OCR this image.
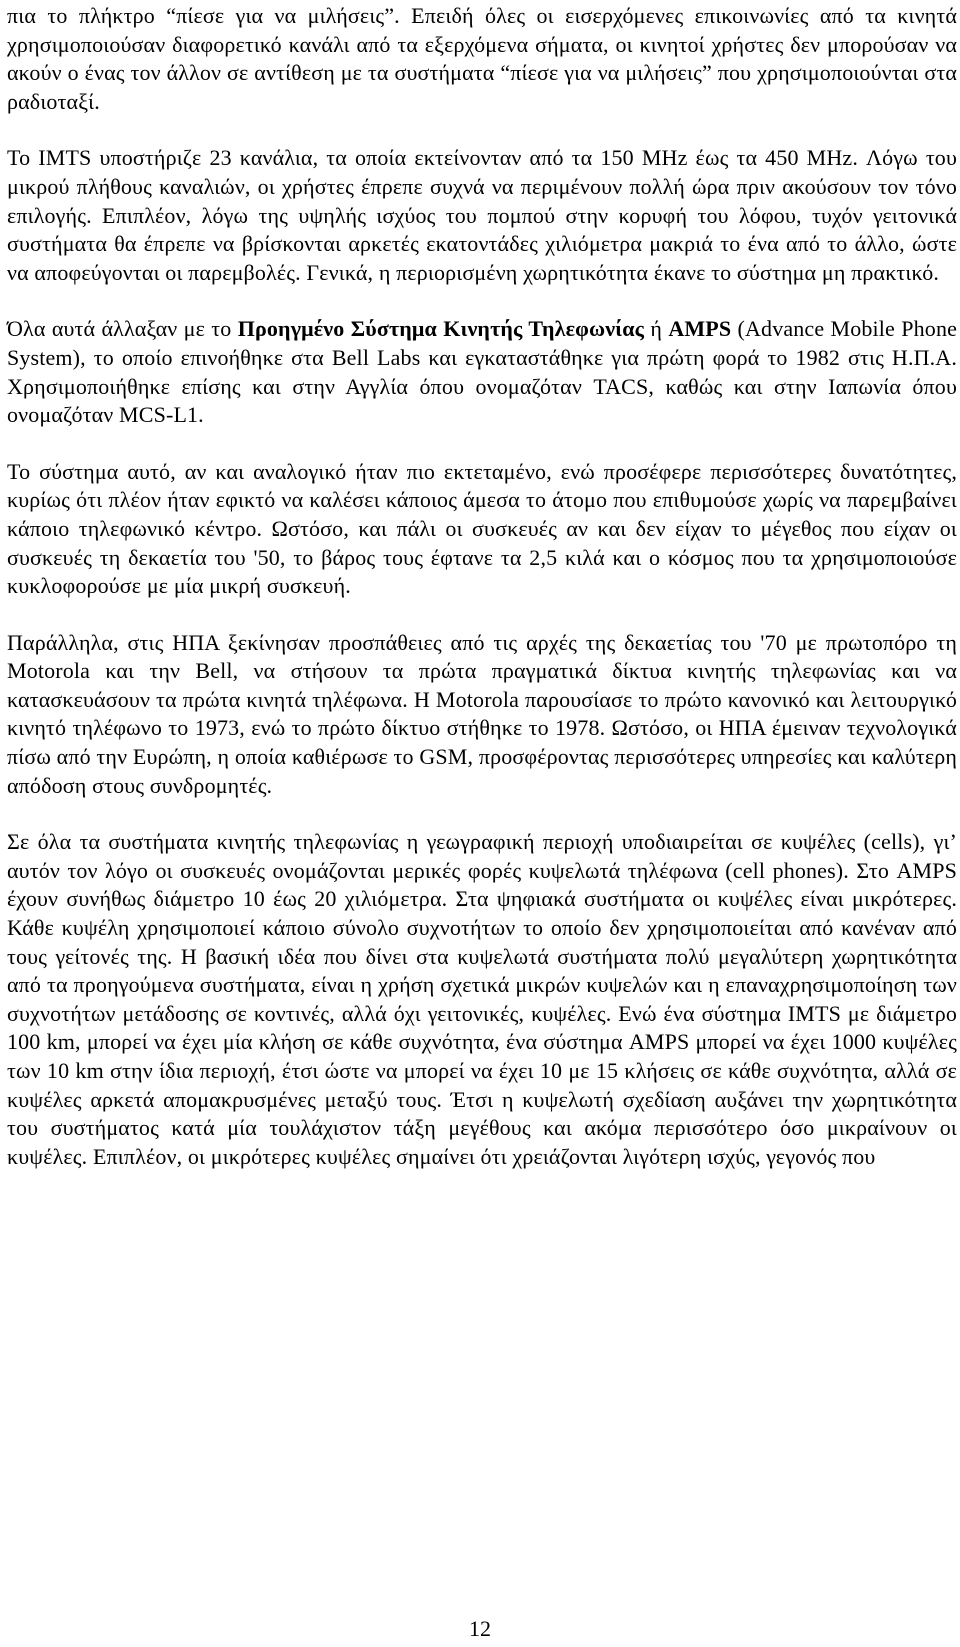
πια το πλήκτρο “πίεσε για να μιλήσεις”. Επειδή όλες οι εισερχόμενες επικοινωνίες από τα κινητά χρησιμοποιούσαν διαφορετικό κανάλι από τα εξερχόμενα σήματα, οι κινητοί χρήστες δεν μπορούσαν να ακούν ο ένας τον άλλον σε αντίθεση με τα συστήματα “πίεσε για να μιλήσεις” που χρησιμοποιούνται στα ραδιοταξί.

Το IMTS υποστήριζε 23 κανάλια, τα οποία εκτείνονταν από τα 150 MHz έως τα 450 MHz. Λόγω του μικρού πλήθους καναλιών, οι χρήστες έπρεπε συχνά να περιμένουν πολλή ώρα πριν ακούσουν τον τόνο επιλογής. Επιπλέον, λόγω της υψηλής ισχύος του πομπού στην κορυφή του λόφου, τυχόν γειτονικά συστήματα θα έπρεπε να βρίσκονται αρκετές εκατοντάδες χιλιόμετρα μακριά το ένα από το άλλο, ώστε να αποφεύγονται οι παρεμβολές. Γενικά, η περιορισμένη χωρητικότητα έκανε το σύστημα μη πρακτικό.

Όλα αυτά άλλαξαν με το Προηγμένο Σύστημα Κινητής Τηλεφωνίας ή AMPS (Advance Mobile Phone System), το οποίο επινοήθηκε στα Bell Labs και εγκαταστάθηκε για πρώτη φορά το 1982 στις Η.Π.Α. Χρησιμοποιήθηκε επίσης και στην Αγγλία όπου ονομαζόταν TACS, καθώς και στην Ιαπωνία όπου ονομαζόταν MCS-L1.

Το σύστημα αυτό, αν και αναλογικό ήταν πιο εκτεταμένο, ενώ προσέφερε περισσότερες δυνατότητες, κυρίως ότι πλέον ήταν εφικτό να καλέσει κάποιος άμεσα το άτομο που επιθυμούσε χωρίς να παρεμβαίνει κάποιο τηλεφωνικό κέντρο. Ωστόσο, και πάλι οι συσκευές αν και δεν είχαν το μέγεθος που είχαν οι συσκευές τη δεκαετία του '50, το βάρος τους έφτανε τα 2,5 κιλά και ο κόσμος που τα χρησιμοποιούσε κυκλοφορούσε με μία μικρή συσκευή.

Παράλληλα, στις ΗΠΑ ξεκίνησαν προσπάθειες από τις αρχές της δεκαετίας του '70 με πρωτοπόρο τη Motorola και την Bell, να στήσουν τα πρώτα πραγματικά δίκτυα κινητής τηλεφωνίας και να κατασκευάσουν τα πρώτα κινητά τηλέφωνα. Η Motorola παρουσίασε το πρώτο κανονικό και λειτουργικό κινητό τηλέφωνο το 1973, ενώ το πρώτο δίκτυο στήθηκε το 1978. Ωστόσο, οι ΗΠΑ έμειναν τεχνολογικά πίσω από την Ευρώπη, η οποία καθιέρωσε το GSM, προσφέροντας περισσότερες υπηρεσίες και καλύτερη απόδοση στους συνδρομητές.

Σε όλα τα συστήματα κινητής τηλεφωνίας η γεωγραφική περιοχή υποδιαιρείται σε κυψέλες (cells), γι’ αυτόν τον λόγο οι συσκευές ονομάζονται μερικές φορές κυψελωτά τηλέφωνα (cell phones). Στο AMPS έχουν συνήθως διάμετρο 10 έως 20 χιλιόμετρα. Στα ψηφιακά συστήματα οι κυψέλες είναι μικρότερες. Κάθε κυψέλη χρησιμοποιεί κάποιο σύνολο συχνοτήτων το οποίο δεν χρησιμοποιείται από κανέναν από τους γείτονές της. Η βασική ιδέα που δίνει στα κυψελωτά συστήματα πολύ μεγαλύτερη χωρητικότητα από τα προηγούμενα συστήματα, είναι η χρήση σχετικά μικρών κυψελών και η επαναχρησιμοποίηση των συχνοτήτων μετάδοσης σε κοντινές, αλλά όχι γειτονικές, κυψέλες. Ενώ ένα σύστημα IMTS με διάμετρο 100 km, μπορεί να έχει μία κλήση σε κάθε συχνότητα, ένα σύστημα AMPS μπορεί να έχει 1000 κυψέλες των 10 km στην ίδια περιοχή, έτσι ώστε να μπορεί να έχει 10 με 15 κλήσεις σε κάθε συχνότητα, αλλά σε κυψέλες αρκετά απομακρυσμένες μεταξύ τους. Έτσι η κυψελωτή σχεδίαση αυξάνει την χωρητικότητα του συστήματος κατά μία τουλάχιστον τάξη μεγέθους και ακόμα περισσότερο όσο μικραίνουν οι κυψέλες. Επιπλέον, οι μικρότερες κυψέλες σημαίνει ότι χρειάζονται λιγότερη ισχύς, γεγονός που

12
